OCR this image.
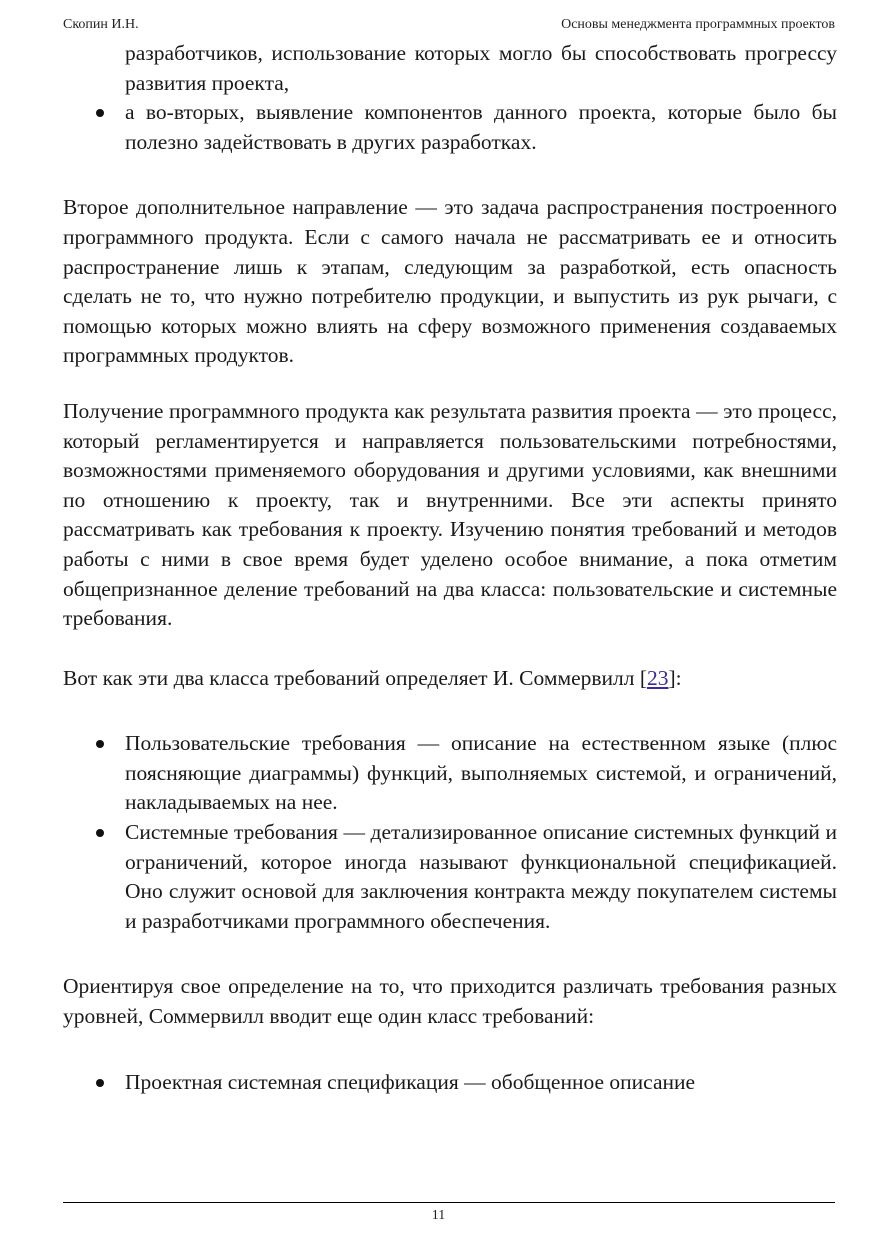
Скопин И.Н.	Основы менеджмента программных проектов
разработчиков, использование которых могло бы способствовать прогрессу развития проекта,
а во-вторых, выявление компонентов данного проекта, которые было бы полезно задействовать в других разработках.

Второе дополнительное направление — это задача распространения построенного программного продукта. Если с самого начала не рассматривать ее и относить распространение лишь к этапам, следующим за разработкой, есть опасность сделать не то, что нужно потребителю продукции, и выпустить из рук рычаги, с помощью которых можно влиять на сферу возможного применения создаваемых программных продуктов.

Получение программного продукта как результата развития проекта — это процесс, который регламентируется и направляется пользовательскими потребностями, возможностями применяемого оборудования и другими условиями, как внешними по отношению к проекту, так и внутренними. Все эти аспекты принято рассматривать как требования к проекту. Изучению понятия требований и методов работы с ними в свое время будет уделено особое внимание, а пока отметим общепризнанное деление требований на два класса: пользовательские и системные требования.

Вот как эти два класса требований определяет И. Соммервилл [23]:

Пользовательские требования — описание на естественном языке (плюс поясняющие диаграммы) функций, выполняемых системой, и ограничений, накладываемых на нее.
Системные требования — детализированное описание системных функций и ограничений, которое иногда называют функциональной спецификацией. Оно служит основой для заключения контракта между покупателем системы и разработчиками программного обеспечения.

Ориентируя свое определение на то, что приходится различать требования разных уровней, Соммервилл вводит еще один класс требований:

Проектная системная спецификация — обобщенное описание
11
